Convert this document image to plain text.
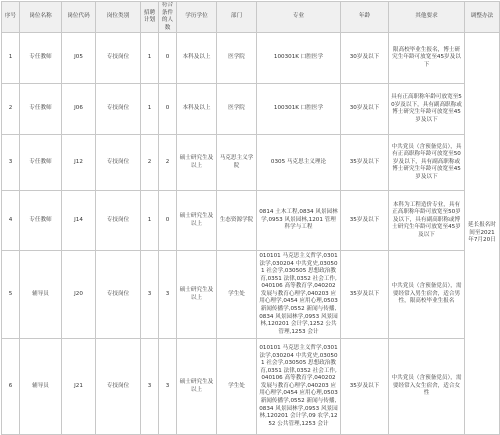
序号	岗位名称	岗位代码	岗位类别	招聘计划	符合条件的人数	学历学位	部门	专业	年龄	其他要求	调整办法
1	专任教师	J05	专技岗位	1	0	本科及以上	医学院	100301K 口腔医学	30岁及以下	限高校毕业生报名，博士研究生年龄可放宽至45岁及以下	延长报名时间至2021年7月20日
2	专任教师	J06	专技岗位	1	0	本科及以上	医学院	100301K 口腔医学	30岁及以下	具有正高职称年龄可放宽至50岁及以下，具有副高职称或博士研究生年龄可放宽至45岁及以下	
3	专任教师	J12	专技岗位	2	2	硕士研究生及以上	马克思主义学院	0305 马克思主义理论	35岁及以下	中共党员（含预备党员），具有正高职称年龄可放宽至50岁及以下，具有副高职称或博士研究生年龄可放宽至45岁及以下	
4	专任教师	J14	专技岗位	1	0	硕士研究生及以上	生态资源学院	0814 土木工程,0834 风景园林学,0953 风景园林,1201 管理科学与工程	35岁及以下	本科为工程造价专业，具有正高职称年龄可放宽至50岁及以下，具有副高职称或博士研究生年龄可放宽至45岁及以下	
5	辅导员	J20	专技岗位	3	3	硕士研究生及以上	学生处	010101 马克思主义哲学,0301 法学,030204 中共党史,030501 社会学,030505 思想政治教育,0351 法律,0352 社会工作,040106 高等教育学,040202 发展与教育心理学,040203 应用心理学,0454 应用心理,0503 新闻传播学,0552 新闻与传播,0834 风景园林学,0953 风景园林,120201 会计学,1252 公共管理,1253 会计	35岁及以下	中共党员（含预备党员），需要经常入男生宿舍，适合男性，限高校毕业生报名	
6	辅导员	J21	专技岗位	3	3	硕士研究生及以上	学生处	010101 马克思主义哲学,0301 法学,030204 中共党史,030501 社会学,030505 思想政治教育,0351 法律,0352 社会工作,040106 高等教育学,040202 发展与教育心理学,040203 应用心理学,0454 应用心理,0503 新闻传播学,0552 新闻与传播,0834 风景园林学,0953 风景园林,120201 会计学,09 农学,1252 公共管理,1253 会计	35岁及以下	中共党员（含预备党员），需要经常入女生宿舍，适合女性	
